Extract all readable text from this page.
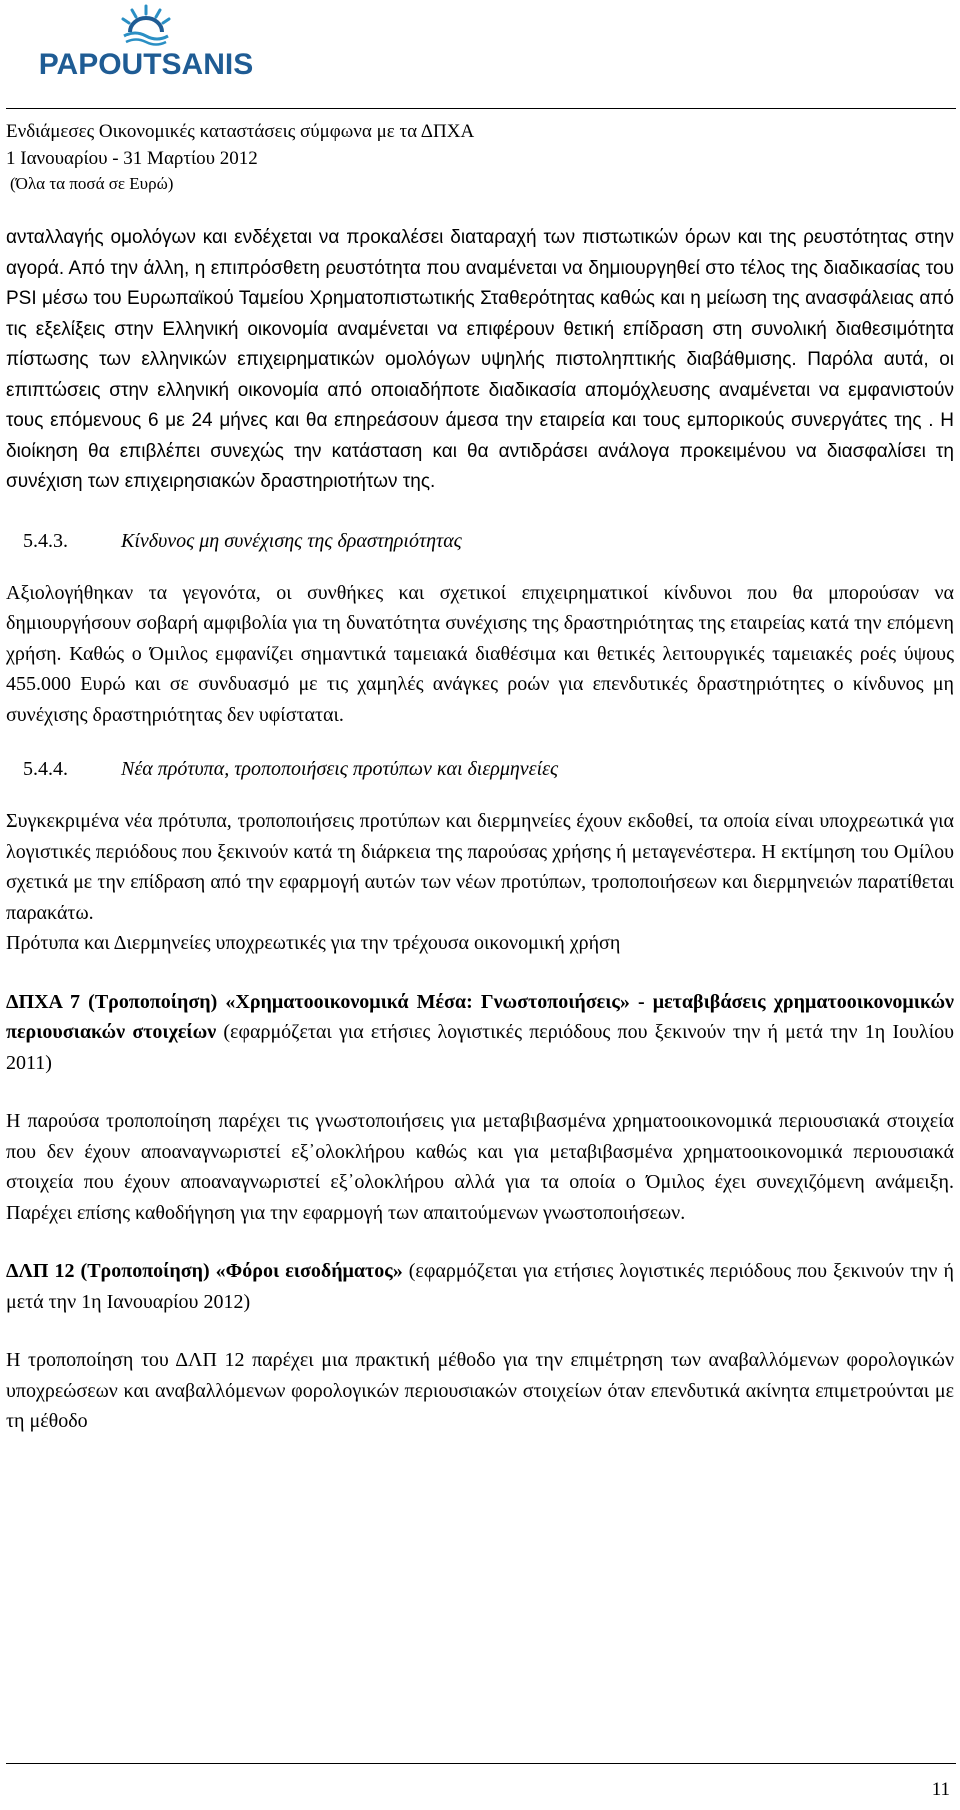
PAPOUTSANIS
Ενδιάμεσες Οικονομικές καταστάσεις σύμφωνα με τα ΔΠΧΑ
1 Ιανουαρίου - 31 Μαρτίου 2012
(Όλα τα ποσά σε Ευρώ)

ανταλλαγής ομολόγων και ενδέχεται να προκαλέσει διαταραχή των πιστωτικών όρων και της ρευστότητας στην αγορά. Από την άλλη, η επιπρόσθετη ρευστότητα που αναμένεται να δημιουργηθεί στο τέλος της διαδικασίας του PSI μέσω του Ευρωπαϊκού Ταμείου Χρηματοπιστωτικής Σταθερότητας καθώς και η μείωση της ανασφάλειας από τις εξελίξεις στην Ελληνική οικονομία αναμένεται να επιφέρουν θετική επίδραση στη συνολική διαθεσιμότητα πίστωσης των ελληνικών επιχειρηματικών ομολόγων υψηλής πιστοληπτικής διαβάθμισης. Παρόλα αυτά, οι επιπτώσεις στην ελληνική οικονομία από οποιαδήποτε διαδικασία απομόχλευσης αναμένεται να εμφανιστούν τους επόμενους 6 με 24 μήνες και θα επηρεάσουν άμεσα την εταιρεία και τους εμπορικούς συνεργάτες της . Η διοίκηση θα επιβλέπει συνεχώς την κατάσταση και θα αντιδράσει ανάλογα προκειμένου να διασφαλίσει τη συνέχιση των επιχειρησιακών δραστηριοτήτων της.

5.4.3.	Κίνδυνος μη συνέχισης της δραστηριότητας

Αξιολογήθηκαν τα γεγονότα, οι συνθήκες και σχετικοί επιχειρηματικοί κίνδυνοι που θα μπορούσαν να δημιουργήσουν σοβαρή αμφιβολία για τη δυνατότητα συνέχισης της δραστηριότητας της εταιρείας κατά την επόμενη χρήση. Καθώς ο Όμιλος εμφανίζει σημαντικά ταμειακά διαθέσιμα και θετικές λειτουργικές ταμειακές ροές ύψους 455.000 Ευρώ και σε συνδυασμό με τις χαμηλές ανάγκες ροών για επενδυτικές δραστηριότητες ο κίνδυνος μη συνέχισης δραστηριότητας δεν υφίσταται.

5.4.4.	Νέα πρότυπα, τροποποιήσεις προτύπων και διερμηνείες

Συγκεκριμένα νέα πρότυπα, τροποποιήσεις προτύπων και διερμηνείες έχουν εκδοθεί, τα οποία είναι υποχρεωτικά για λογιστικές περιόδους που ξεκινούν κατά τη διάρκεια της παρούσας χρήσης ή μεταγενέστερα. Η εκτίμηση του Ομίλου σχετικά με την επίδραση από την εφαρμογή αυτών των νέων προτύπων, τροποποιήσεων και διερμηνειών παρατίθεται παρακάτω.

Πρότυπα και Διερμηνείες υποχρεωτικές για την τρέχουσα οικονομική χρήση

ΔΠΧΑ 7 (Τροποποίηση) «Χρηματοοικονομικά Μέσα: Γνωστοποιήσεις» - μεταβιβάσεις χρηματοοικονομικών περιουσιακών στοιχείων (εφαρμόζεται για ετήσιες λογιστικές περιόδους που ξεκινούν την ή μετά την 1η Ιουλίου 2011)

Η παρούσα τροποποίηση παρέχει τις γνωστοποιήσεις για μεταβιβασμένα χρηματοοικονομικά περιουσιακά στοιχεία που δεν έχουν αποαναγνωριστεί εξ᾽ολοκλήρου καθώς και για μεταβιβασμένα χρηματοοικονομικά περιουσιακά στοιχεία που έχουν αποαναγνωριστεί εξ᾽ολοκλήρου αλλά για τα οποία ο Όμιλος έχει συνεχιζόμενη ανάμειξη. Παρέχει επίσης καθοδήγηση για την εφαρμογή των απαιτούμενων γνωστοποιήσεων.

ΔΛΠ 12 (Τροποποίηση) «Φόροι εισοδήματος» (εφαρμόζεται για ετήσιες λογιστικές περιόδους που ξεκινούν την ή μετά την 1η Ιανουαρίου 2012)

Η τροποποίηση του ΔΛΠ 12 παρέχει μια πρακτική μέθοδο για την επιμέτρηση των αναβαλλόμενων φορολογικών υποχρεώσεων και αναβαλλόμενων φορολογικών περιουσιακών στοιχείων όταν επενδυτικά ακίνητα επιμετρούνται με τη μέθοδο

11
